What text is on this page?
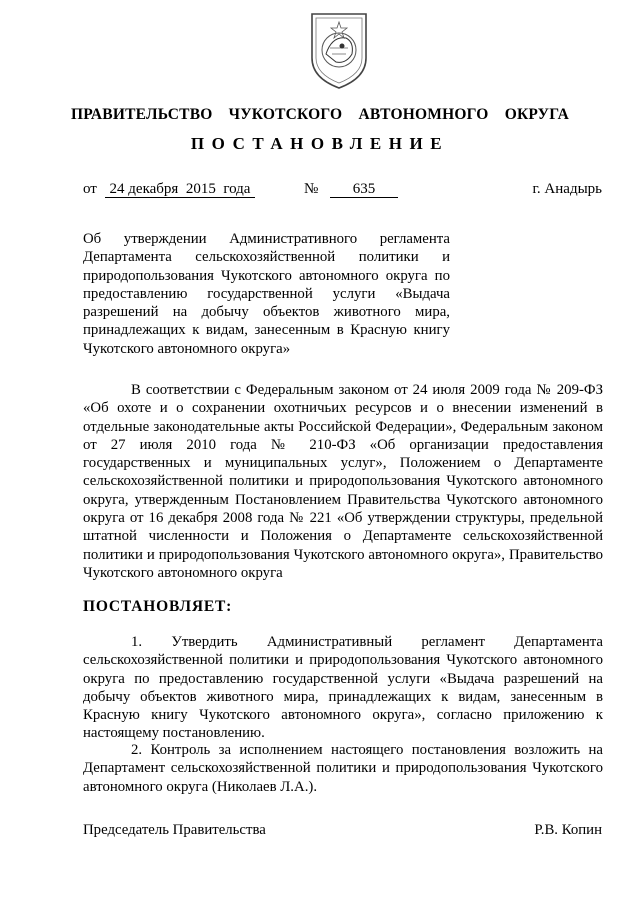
ПРАВИТЕЛЬСТВО  ЧУКОТСКОГО  АВТОНОМНОГО  ОКРУГА
ПОСТАНОВЛЕНИЕ
от 24 декабря  2015  года	№	635	г. Анадырь
Об утверждении Административного регламента Департамента сельскохозяйственной политики и природопользования Чукотского автономного округа по предоставлению государственной услуги «Выдача разрешений на добычу объектов животного мира, принадлежащих к видам, занесенным в Красную книгу Чукотского автономного округа»
В соответствии с Федеральным законом от 24 июля 2009 года № 209-ФЗ «Об охоте и о сохранении охотничьих ресурсов и о внесении изменений в отдельные законодательные акты Российской Федерации», Федеральным законом от 27 июля 2010 года № 210-ФЗ «Об организации предоставления государственных и муниципальных услуг», Положением о Департаменте сельскохозяйственной политики и природопользования Чукотского автономного округа, утвержденным Постановлением Правительства Чукотского автономного округа от 16 декабря 2008 года № 221 «Об утверждении структуры, предельной штатной численности и Положения о Департаменте сельскохозяйственной политики и природопользования Чукотского автономного округа», Правительство Чукотского автономного округа
ПОСТАНОВЛЯЕТ:
1. Утвердить Административный регламент Департамента сельскохозяйственной политики и природопользования Чукотского автономного округа по предоставлению государственной услуги «Выдача разрешений на добычу объектов животного мира, принадлежащих к видам, занесенным в Красную книгу Чукотского автономного округа», согласно приложению к настоящему постановлению.
2. Контроль за исполнением настоящего постановления возложить на Департамент сельскохозяйственной политики и природопользования Чукотского автономного округа (Николаев Л.А.).
Председатель Правительства	Р.В. Копин
